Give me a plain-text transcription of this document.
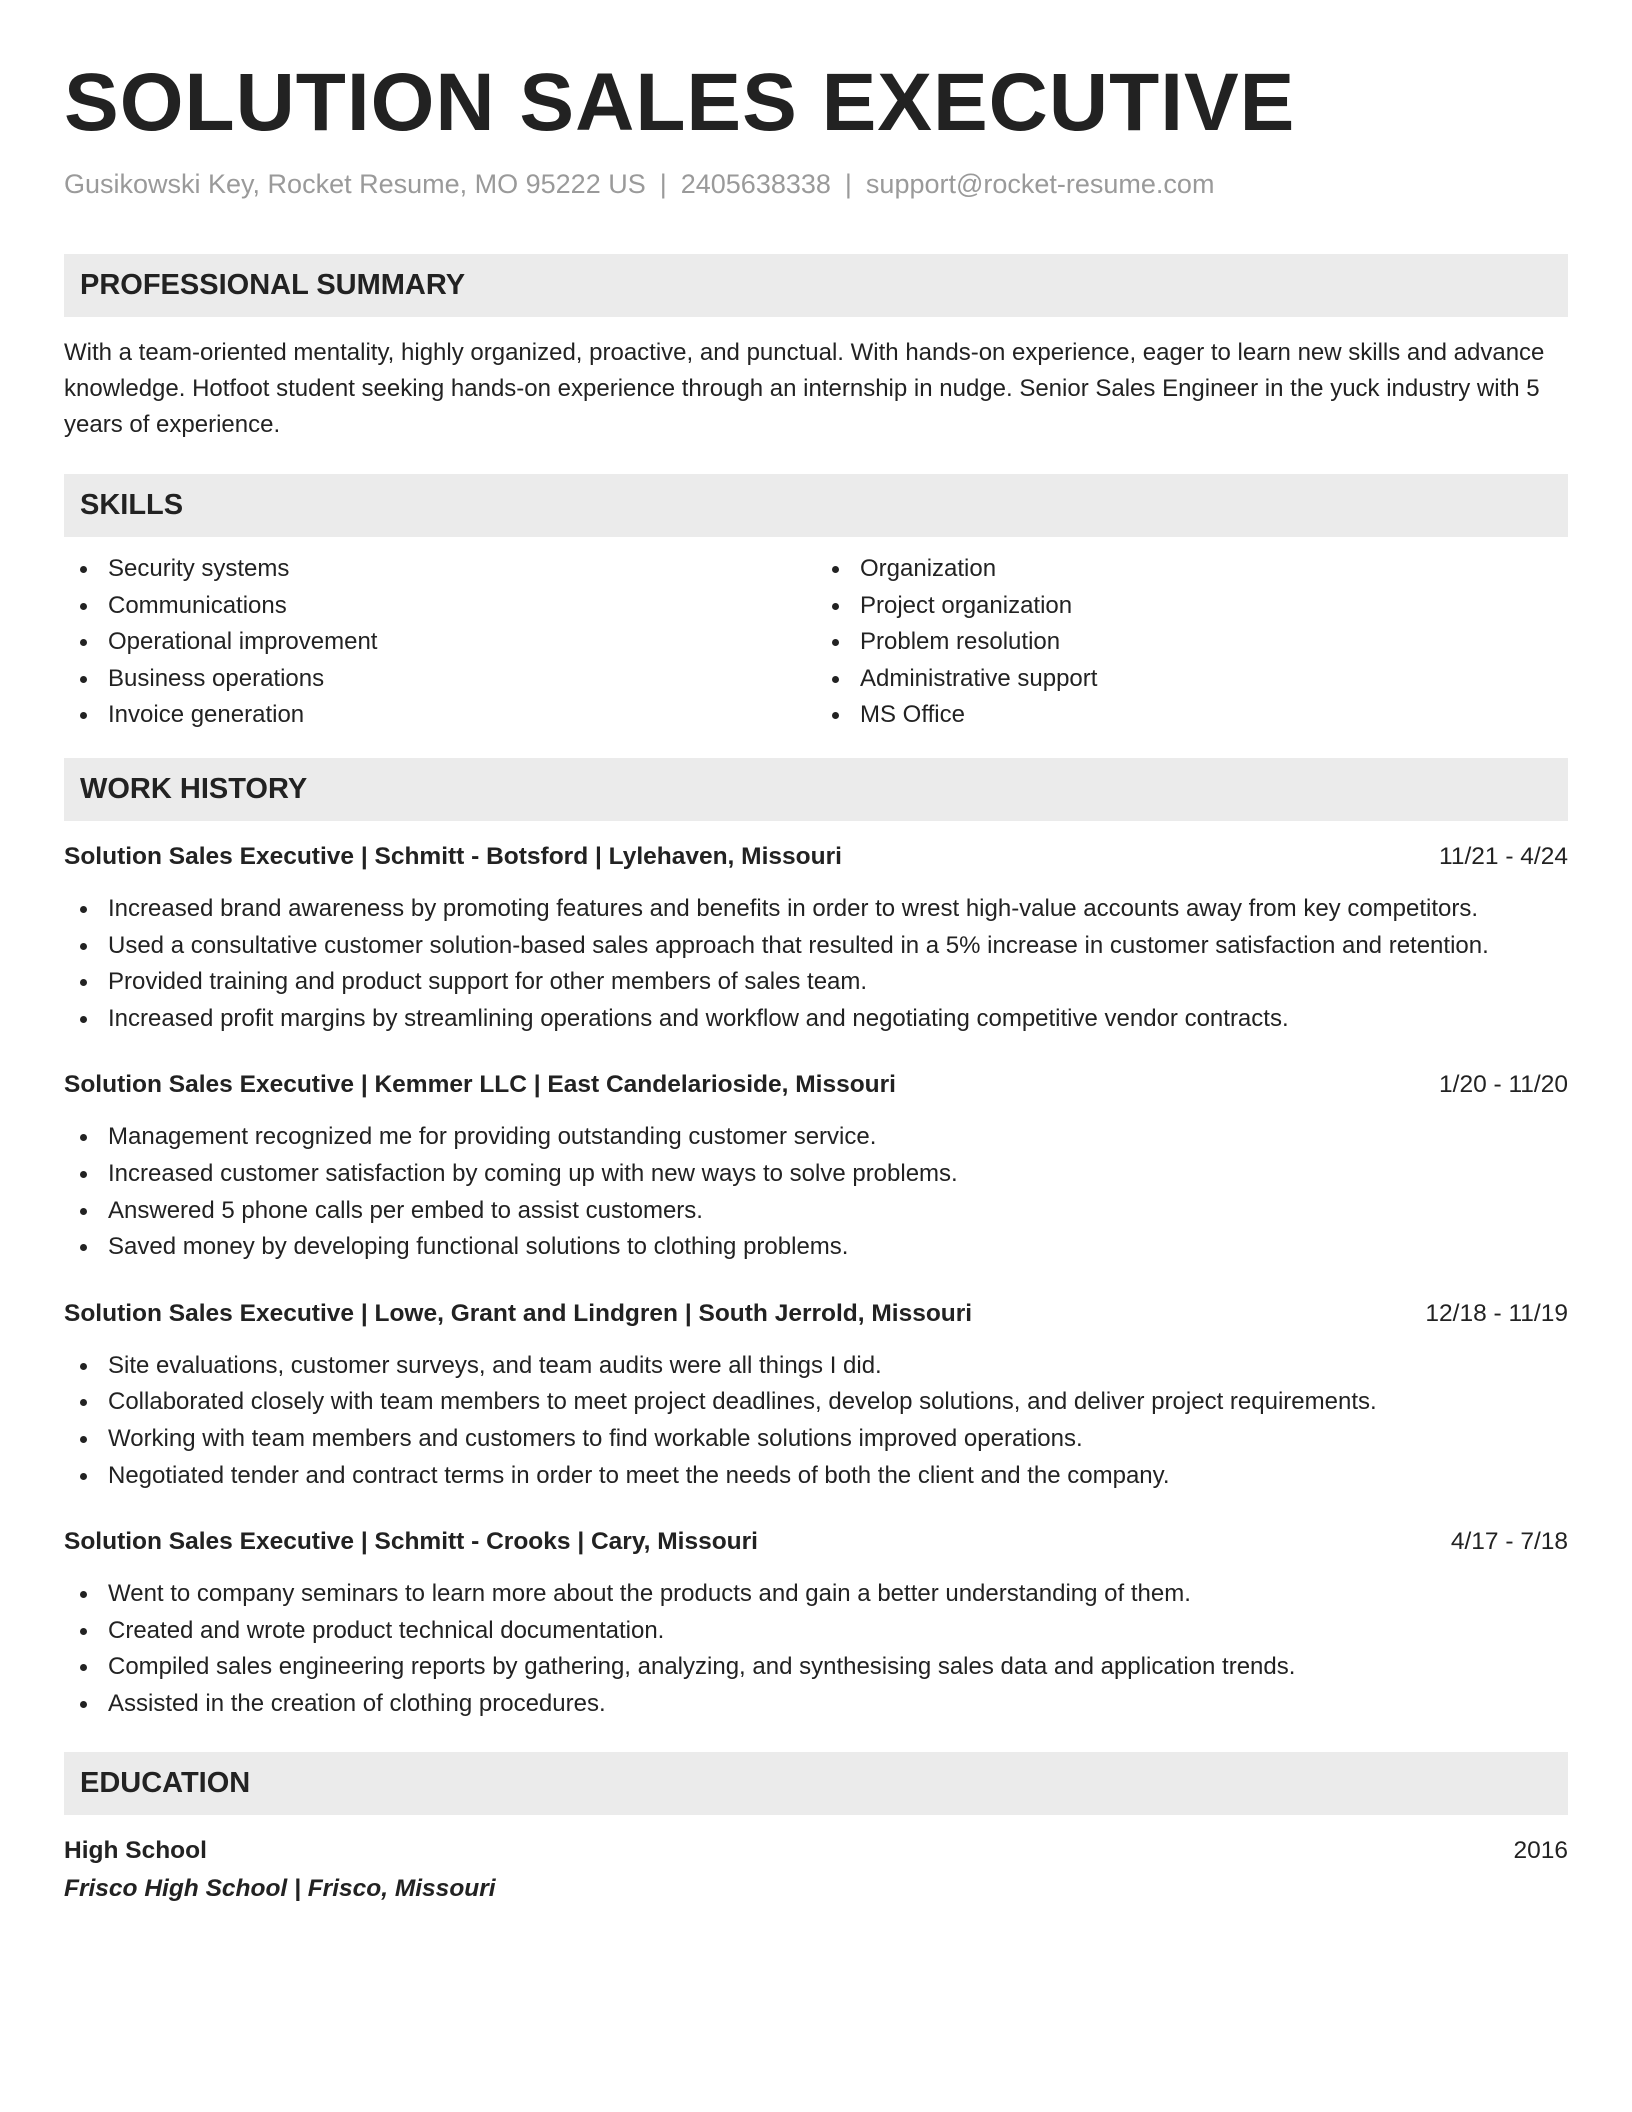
SOLUTION SALES EXECUTIVE
Gusikowski Key, Rocket Resume, MO 95222 US | 2405638338 | support@rocket-resume.com
PROFESSIONAL SUMMARY

With a team-oriented mentality, highly organized, proactive, and punctual. With hands-on experience, eager to learn new skills and advance knowledge. Hotfoot student seeking hands-on experience through an internship in nudge. Senior Sales Engineer in the yuck industry with 5 years of experience.

SKILLS
Security systems
Communications
Operational improvement
Business operations
Invoice generation
Organization
Project organization
Problem resolution
Administrative support
MS Office
WORK HISTORY
Solution Sales Executive | Schmitt - Botsford | Lylehaven, Missouri	11/21 - 4/24
Increased brand awareness by promoting features and benefits in order to wrest high-value accounts away from key competitors.
Used a consultative customer solution-based sales approach that resulted in a 5% increase in customer satisfaction and retention.
Provided training and product support for other members of sales team.
Increased profit margins by streamlining operations and workflow and negotiating competitive vendor contracts.
Solution Sales Executive | Kemmer LLC | East Candelarioside, Missouri	1/20 - 11/20
Management recognized me for providing outstanding customer service.
Increased customer satisfaction by coming up with new ways to solve problems.
Answered 5 phone calls per embed to assist customers.
Saved money by developing functional solutions to clothing problems.
Solution Sales Executive | Lowe, Grant and Lindgren | South Jerrold, Missouri	12/18 - 11/19
Site evaluations, customer surveys, and team audits were all things I did.
Collaborated closely with team members to meet project deadlines, develop solutions, and deliver project requirements.
Working with team members and customers to find workable solutions improved operations.
Negotiated tender and contract terms in order to meet the needs of both the client and the company.
Solution Sales Executive | Schmitt - Crooks | Cary, Missouri	4/17 - 7/18
Went to company seminars to learn more about the products and gain a better understanding of them.
Created and wrote product technical documentation.
Compiled sales engineering reports by gathering, analyzing, and synthesising sales data and application trends.
Assisted in the creation of clothing procedures.
EDUCATION
High School	2016
Frisco High School | Frisco, Missouri
